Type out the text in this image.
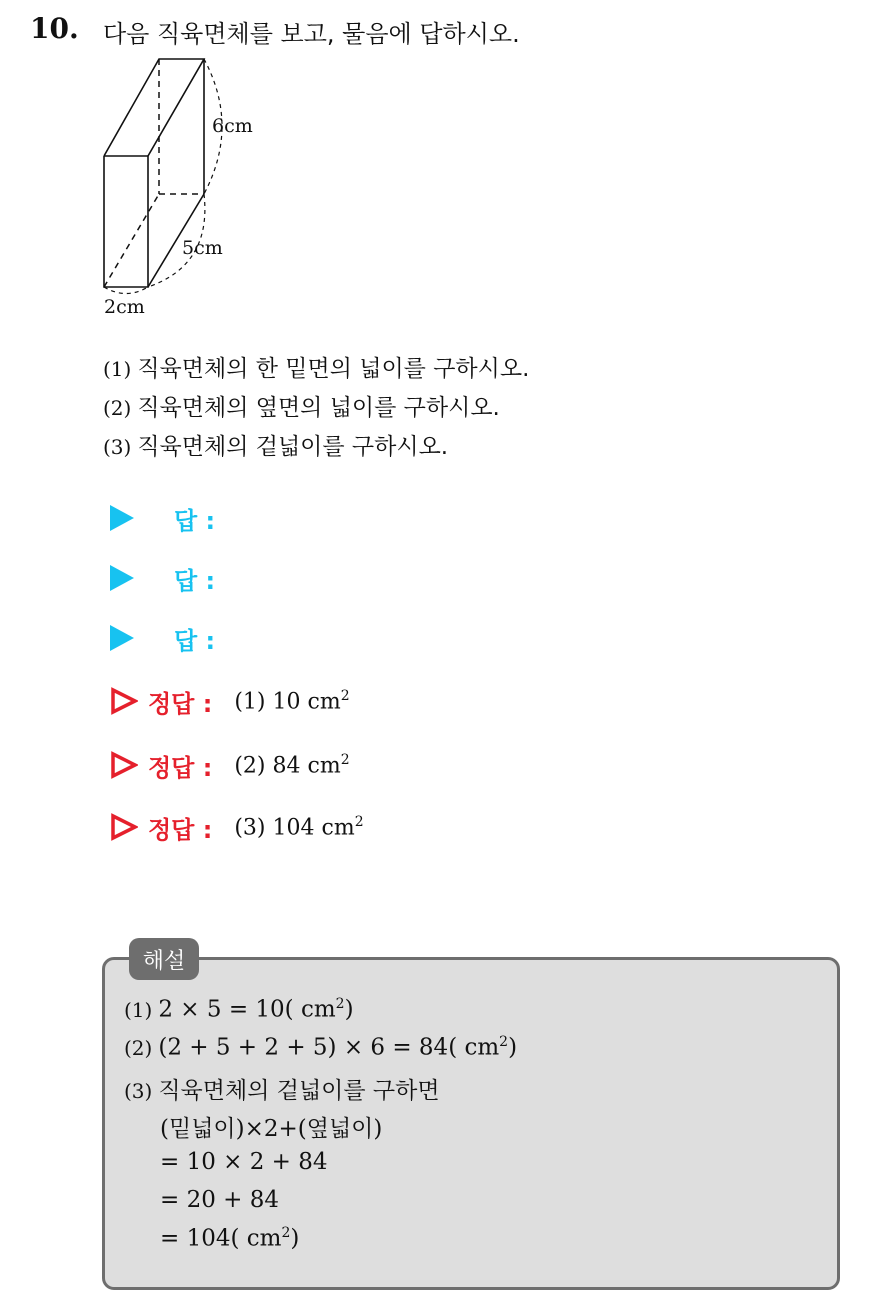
10. 다음 직육면체를 보고, 물음에 답하시오.
6cm
5cm
2cm
(1) 직육면체의 한 밑면의 넓이를 구하시오.
(2) 직육면체의 옆면의 넓이를 구하시오.
(3) 직육면체의 겉넓이를 구하시오.
답 :
답 :
답 :
정답 : (1) 10 $cm^2$
정답 : (2) 84 $cm^2$
정답 : (3) 104 $cm^2$
해설
(1) 2 × 5 = 10( $cm^2$)
(2) (2 + 5 + 2 + 5) × 6 = 84( $cm^2$)
(3) 직육면체의 겉넓이를 구하면
(밑넓이)×2+(옆넓이)
= 10 × 2 + 84
= 20 + 84
= 104( $cm^2$)
